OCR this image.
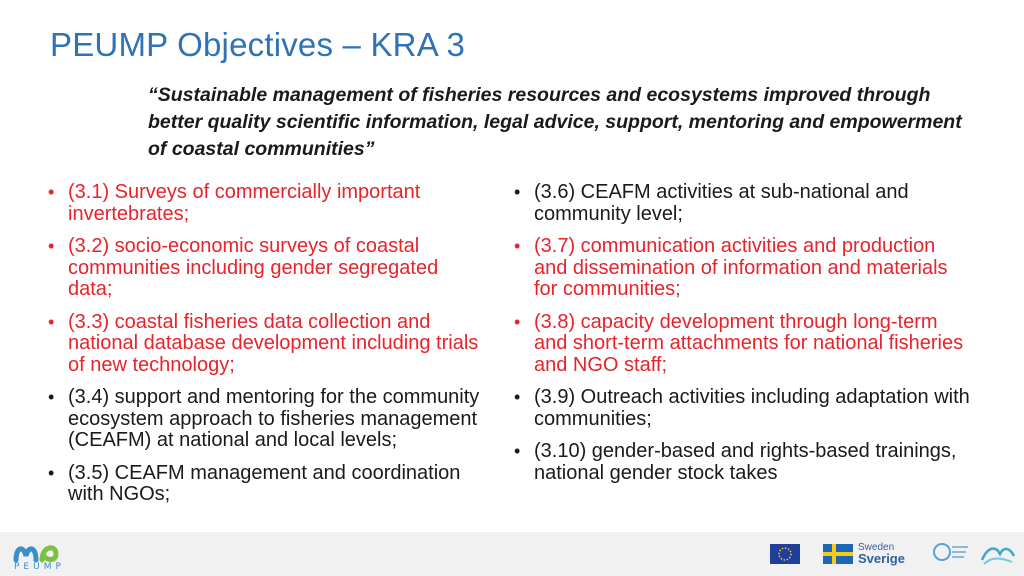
PEUMP Objectives – KRA 3
“Sustainable management of fisheries resources and ecosystems improved through better quality scientific information, legal advice, support, mentoring and empowerment of coastal communities”
• (3.1) Surveys of commercially important invertebrates;
• (3.2) socio-economic surveys of coastal communities including gender segregated data;
• (3.3) coastal fisheries data collection and national database development including trials of new technology;
• (3.4) support and mentoring for the community ecosystem approach to fisheries management (CEAFM) at national and local levels;
• (3.5) CEAFM management and coordination with NGOs;
• (3.6) CEAFM activities at sub-national and community level;
• (3.7) communication activities and production and dissemination of information and materials for communities;
• (3.8) capacity development through long-term and short-term attachments for national fisheries and NGO staff;
• (3.9) Outreach activities including adaptation with communities;
• (3.10) gender-based and rights-based trainings, national gender stock takes
PEUMP
Sweden
Sverige
